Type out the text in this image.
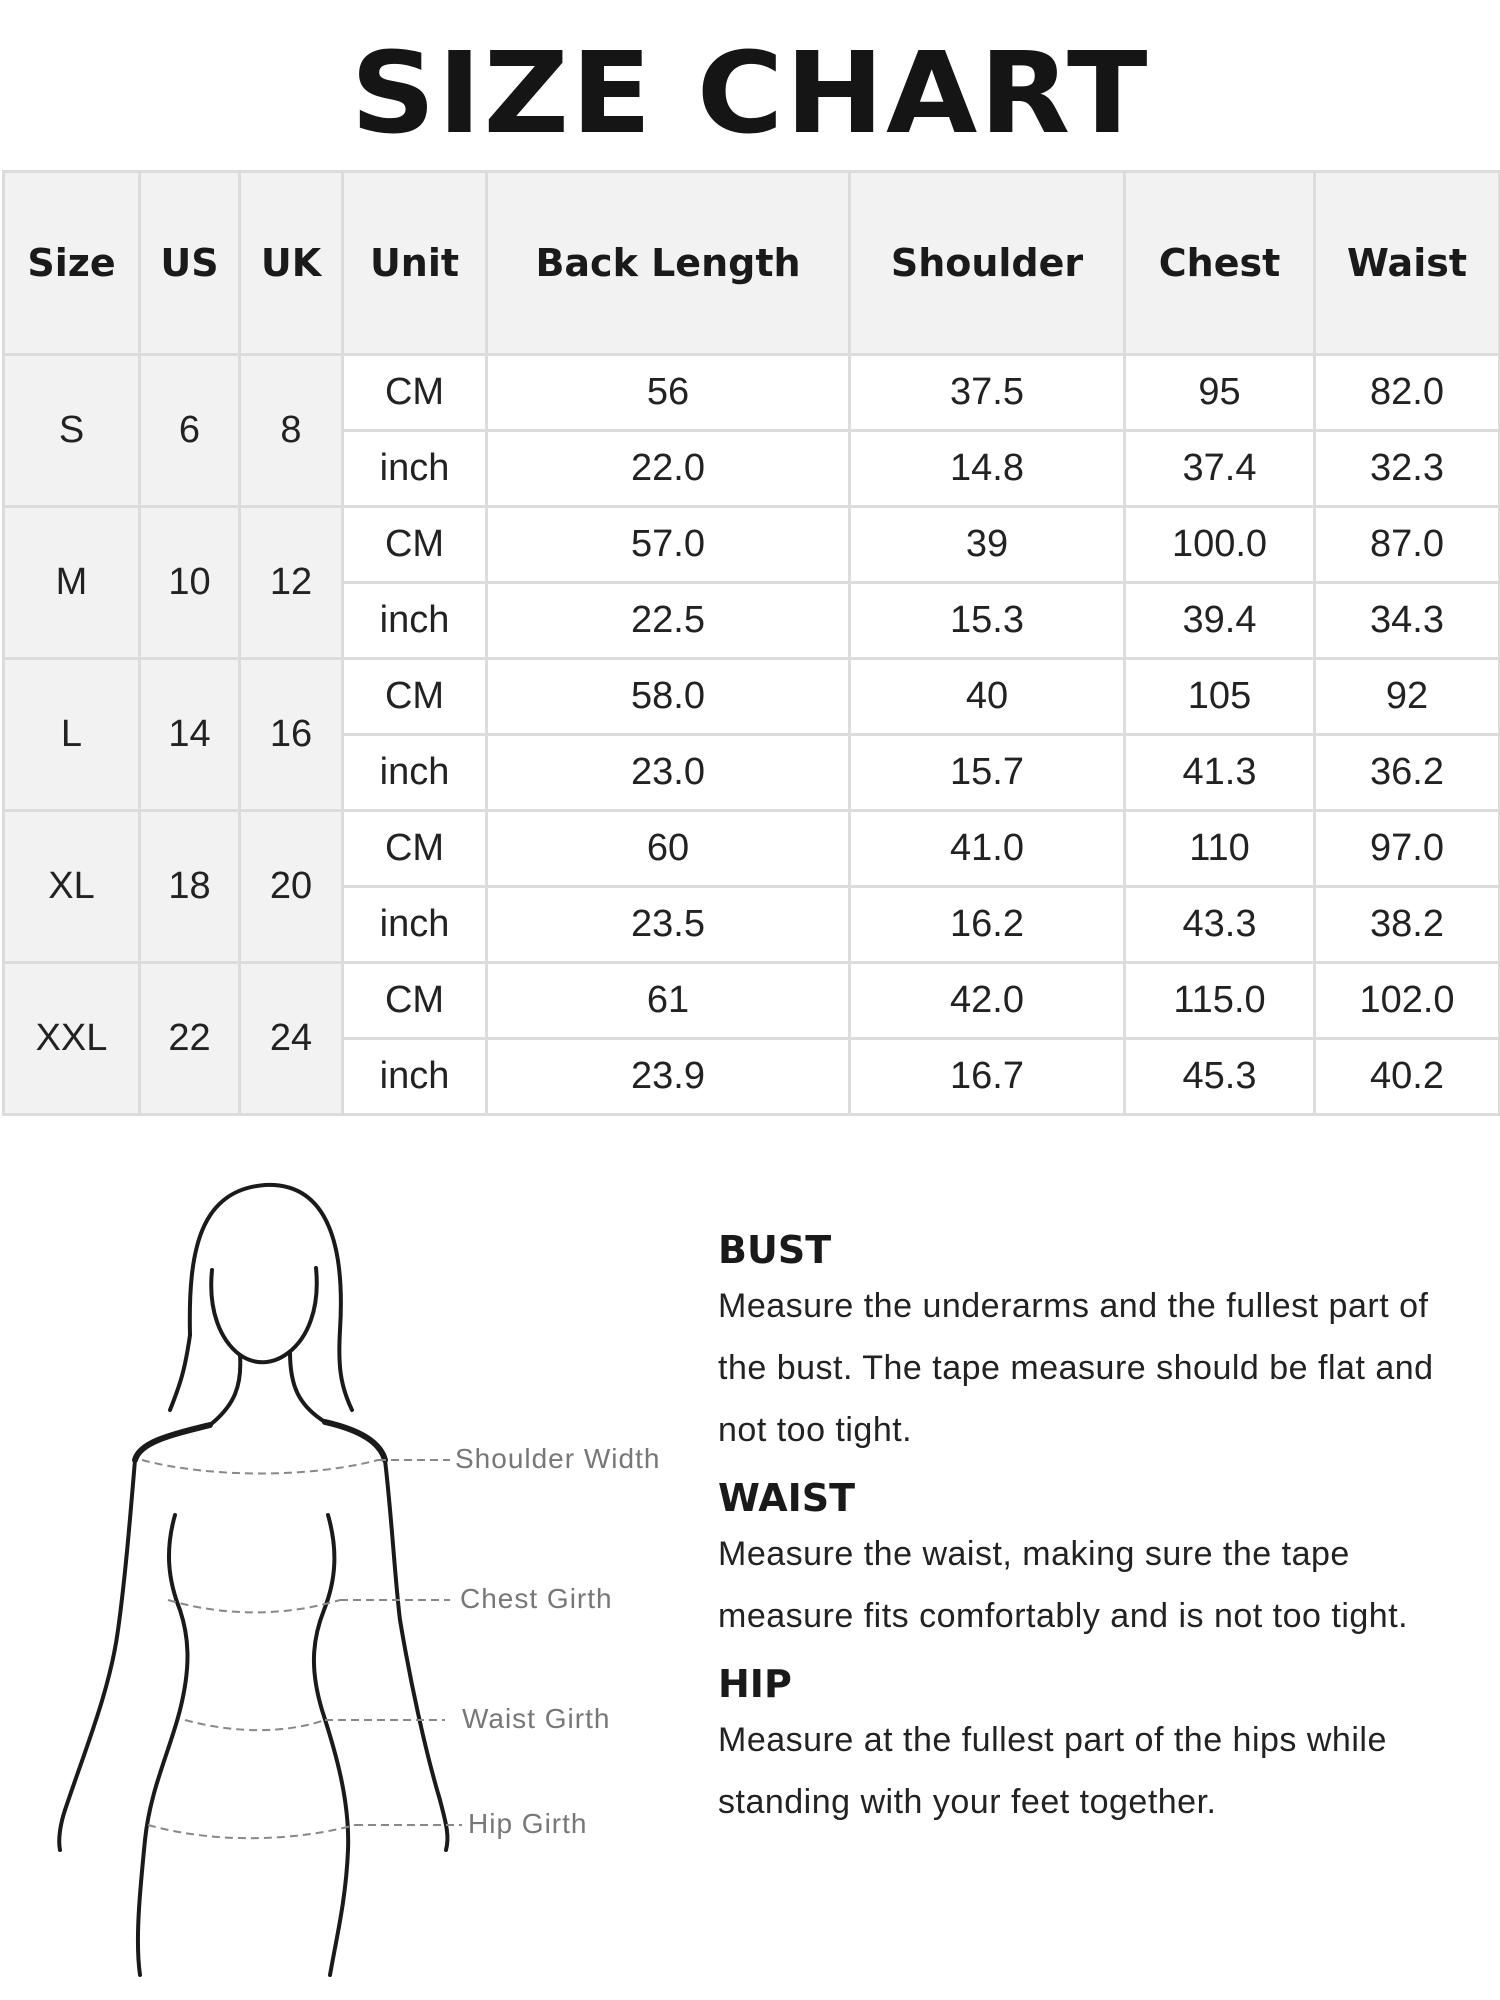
SIZE CHART
Size	US	UK	Unit	Back Length	Shoulder	Chest	Waist
S	6	8	CM	56	37.5	95	82.0
			inch	22.0	14.8	37.4	32.3
M	10	12	CM	57.0	39	100.0	87.0
			inch	22.5	15.3	39.4	34.3
L	14	16	CM	58.0	40	105	92
			inch	23.0	15.7	41.3	36.2
XL	18	20	CM	60	41.0	110	97.0
			inch	23.5	16.2	43.3	38.2
XXL	22	24	CM	61	42.0	115.0	102.0
			inch	23.9	16.7	45.3	40.2
Shoulder Width
Chest Girth
Waist Girth
Hip Girth
BUST
Measure the underarms and the fullest part of the bust. The tape measure should be flat and not too tight.
WAIST
Measure the waist, making sure the tape measure fits comfortably and is not too tight.
HIP
Measure at the fullest part of the hips while standing with your feet together.
